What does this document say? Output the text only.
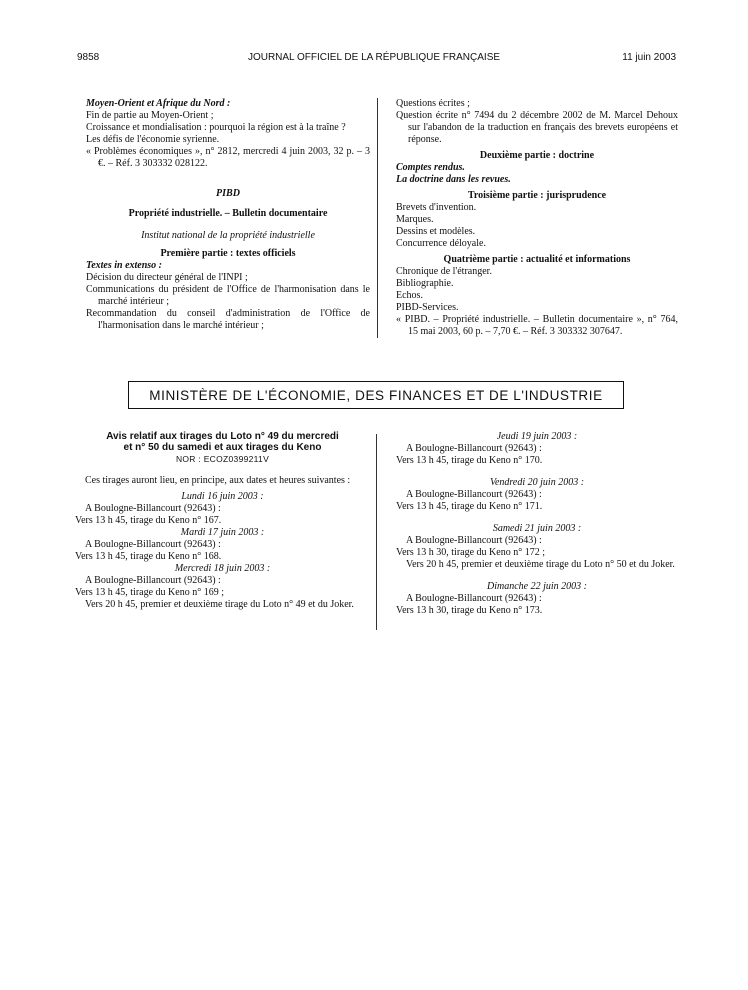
9858	JOURNAL OFFICIEL DE LA RÉPUBLIQUE FRANÇAISE	11 juin 2003

Moyen-Orient et Afrique du Nord :

Fin de partie au Moyen-Orient ;

Croissance et mondialisation : pourquoi la région est à la traîne ?

Les défis de l'économie syrienne.

« Problèmes économiques », n° 2812, mercredi 4 juin 2003, 32 p. – 3 €. – Réf. 3 303332 028122.

PIBD

Propriété industrielle. – Bulletin documentaire

Institut national de la propriété industrielle

Première partie : textes officiels

Textes in extenso :

Décision du directeur général de l'INPI ;

Communications du président de l'Office de l'harmonisation dans le marché intérieur ;

Recommandation du conseil d'administration de l'Office de l'harmonisation dans le marché intérieur ;

Questions écrites ;

Question écrite n° 7494 du 2 décembre 2002 de M. Marcel Dehoux sur l'abandon de la traduction en français des brevets européens et réponse.

Deuxième partie : doctrine

Comptes rendus.

La doctrine dans les revues.

Troisième partie : jurisprudence

Brevets d'invention.

Marques.

Dessins et modèles.

Concurrence déloyale.

Quatrième partie : actualité et informations

Chronique de l'étranger.

Bibliographie.

Echos.

PIBD-Services.

« PIBD. – Propriété industrielle. – Bulletin documentaire », n° 764, 15 mai 2003, 60 p. – 7,70 €. – Réf. 3 303332 307647.

MINISTÈRE DE L'ÉCONOMIE, DES FINANCES ET DE L'INDUSTRIE

Avis relatif aux tirages du Loto n° 49 du mercredi

et n° 50 du samedi et aux tirages du Keno

NOR : ECOZ0399211V

Ces tirages auront lieu, en principe, aux dates et heures suivantes :

Lundi 16 juin 2003 :

A Boulogne-Billancourt (92643) :

Vers 13 h 45, tirage du Keno n° 167.

Mardi 17 juin 2003 :

A Boulogne-Billancourt (92643) :

Vers 13 h 45, tirage du Keno n° 168.

Mercredi 18 juin 2003 :

A Boulogne-Billancourt (92643) :

Vers 13 h 45, tirage du Keno n° 169 ;

Vers 20 h 45, premier et deuxième tirage du Loto n° 49 et du Joker.

Jeudi 19 juin 2003 :

A Boulogne-Billancourt (92643) :

Vers 13 h 45, tirage du Keno n° 170.

Vendredi 20 juin 2003 :

A Boulogne-Billancourt (92643) :

Vers 13 h 45, tirage du Keno n° 171.

Samedi 21 juin 2003 :

A Boulogne-Billancourt (92643) :

Vers 13 h 30, tirage du Keno n° 172 ;

Vers 20 h 45, premier et deuxième tirage du Loto n° 50 et du Joker.

Dimanche 22 juin 2003 :

A Boulogne-Billancourt (92643) :

Vers 13 h 30, tirage du Keno n° 173.
